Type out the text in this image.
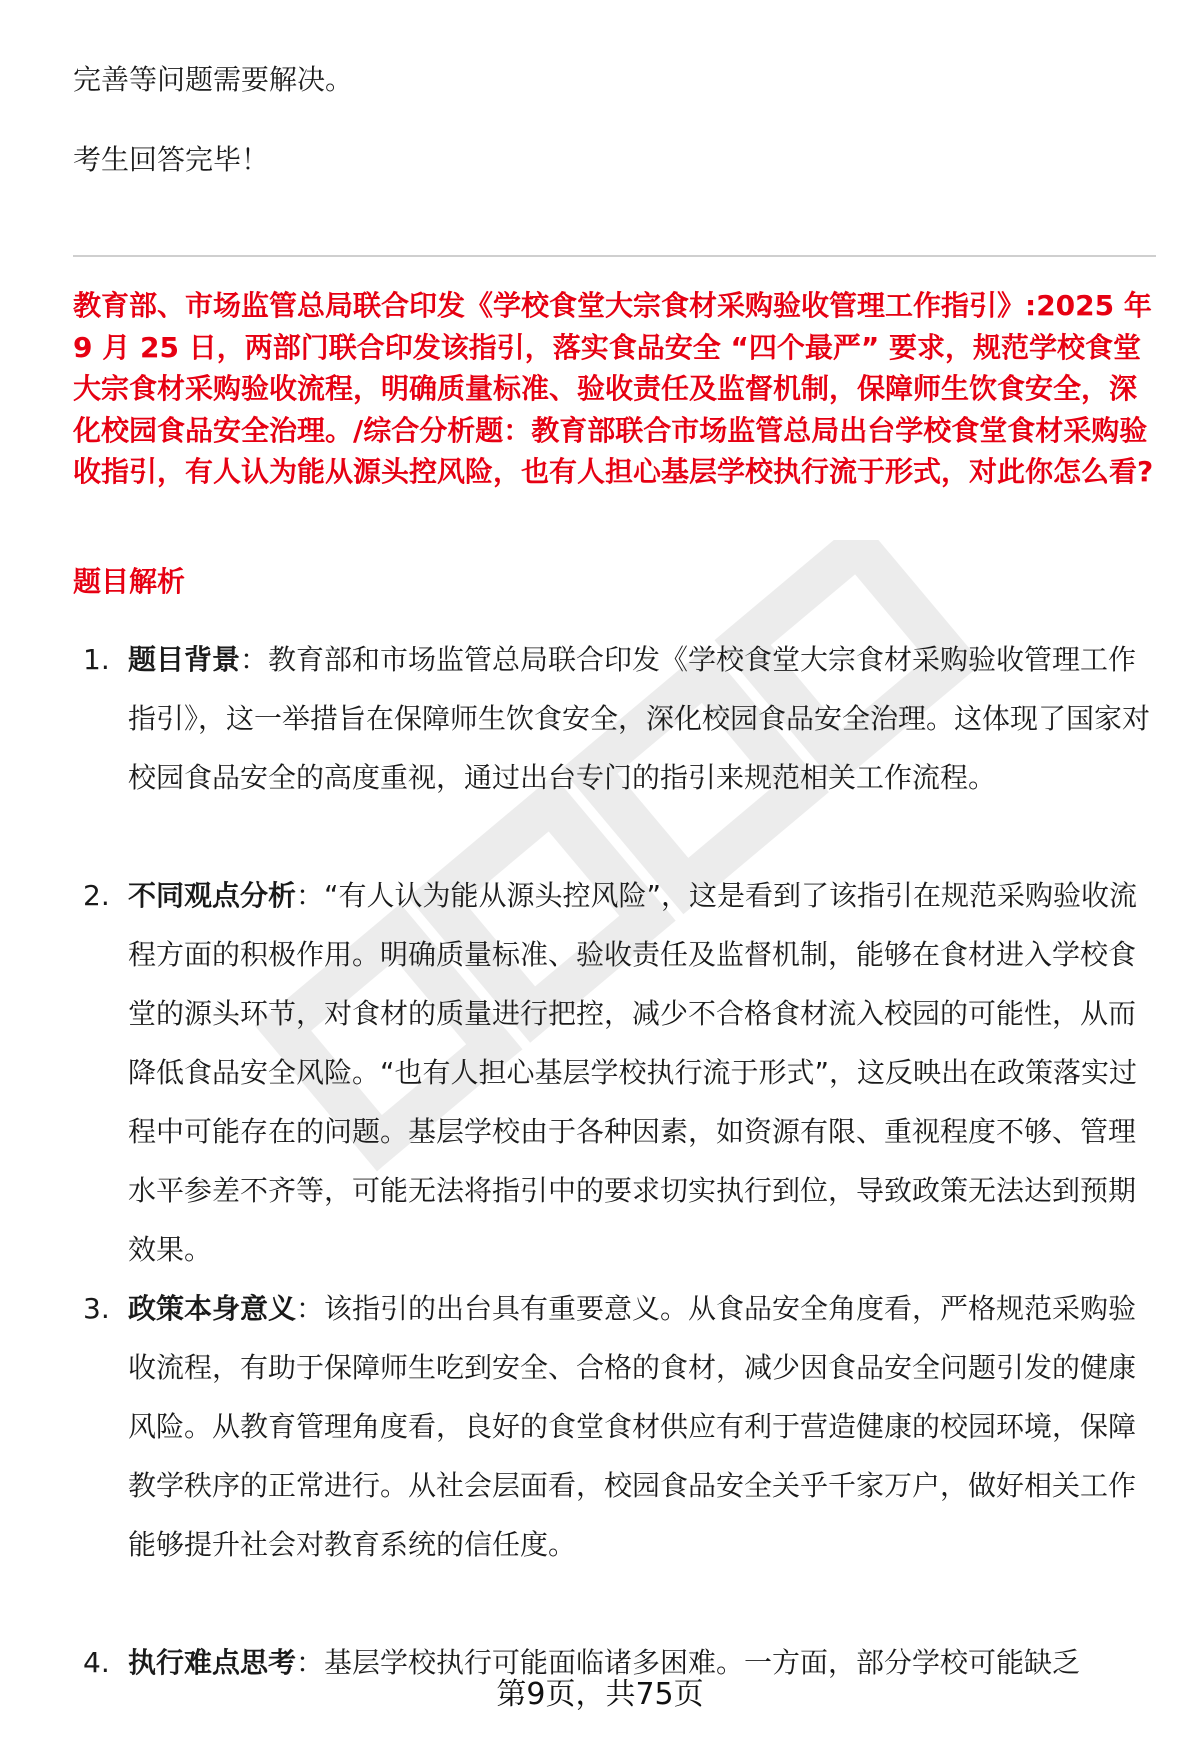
完善等问题需要解决。
考生回答完毕！
教育部、市场监管总局联合印发《学校食堂大宗食材采购验收管理工作指引》:2025 年 9 月 25 日，两部门联合印发该指引，落实食品安全 “四个最严” 要求，规范学校食堂大宗食材采购验收流程，明确质量标准、验收责任及监督机制，保障师生饮食安全，深化校园食品安全治理。/综合分析题：教育部联合市场监管总局出台学校食堂食材采购验收指引，有人认为能从源头控风险，也有人担心基层学校执行流于形式，对此你怎么看?
题目解析
1. 题目背景：教育部和市场监管总局联合印发《学校食堂大宗食材采购验收管理工作指引》，这一举措旨在保障师生饮食安全，深化校园食品安全治理。这体现了国家对校园食品安全的高度重视，通过出台专门的指引来规范相关工作流程。
2. 不同观点分析：“有人认为能从源头控风险”，这是看到了该指引在规范采购验收流程方面的积极作用。明确质量标准、验收责任及监督机制，能够在食材进入学校食堂的源头环节，对食材的质量进行把控，减少不合格食材流入校园的可能性，从而降低食品安全风险。“也有人担心基层学校执行流于形式”，这反映出在政策落实过程中可能存在的问题。基层学校由于各种因素，如资源有限、重视程度不够、管理水平参差不齐等，可能无法将指引中的要求切实执行到位，导致政策无法达到预期效果。
3. 政策本身意义：该指引的出台具有重要意义。从食品安全角度看，严格规范采购验收流程，有助于保障师生吃到安全、合格的食材，减少因食品安全问题引发的健康风险。从教育管理角度看，良好的食堂食材供应有利于营造健康的校园环境，保障教学秩序的正常进行。从社会层面看，校园食品安全关乎千家万户，做好相关工作能够提升社会对教育系统的信任度。
4. 执行难点思考：基层学校执行可能面临诸多困难。一方面，部分学校可能缺乏
第9页，共75页
